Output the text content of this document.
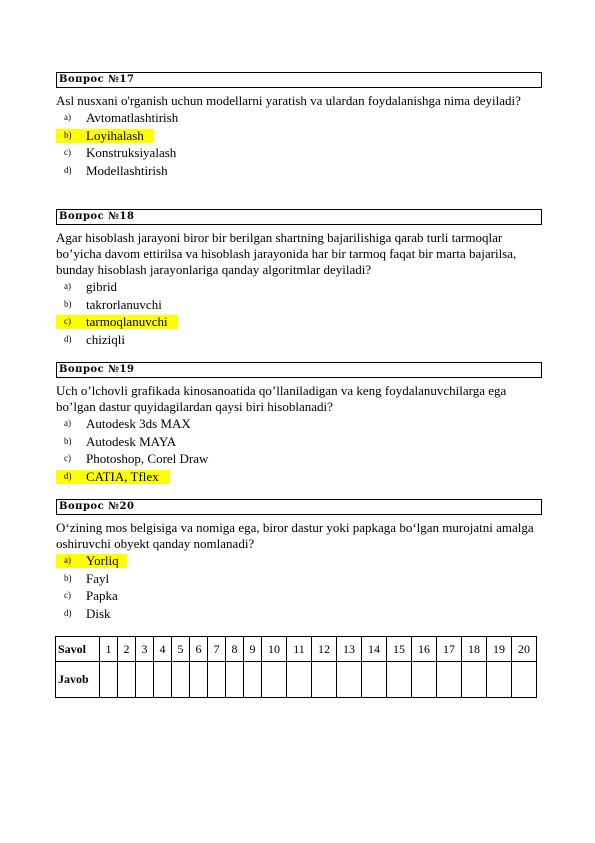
Вопрос №17
Asl nusxani o'rganish uchun modellarni yaratish va ulardan foydalanishga nima deyiladi?
a) Avtomatlashtirish
b) Loyihalash
c) Konstruksiyalash
d) Modellashtirish
Вопрос №18
Agar hisoblash jarayoni biror bir berilgan shartning bajarilishiga qarab turli tarmoqlar bo’yicha davom ettirilsa va hisoblash jarayonida har bir tarmoq faqat bir marta bajarilsa, bunday hisoblash jarayonlariga qanday algoritmlar deyiladi?
a) gibrid
b) takrorlanuvchi
c) tarmoqlanuvchi
d) chiziqli
Вопрос №19
Uch o’lchovli grafikada kinosanoatida qo’llaniladigan va keng foydalanuvchilarga ega bo’lgan dastur quyidagilardan qaysi biri hisoblanadi?
a) Autodesk 3ds MAX
b) Autodesk MAYA
c) Photoshop, Corel Draw
d) CATIA, Tflex
Вопрос №20
O‘zining mos belgisiga va nomiga ega, biror dastur yoki papkaga bo‘lgan murojatni amalga oshiruvchi obyekt qanday nomlanadi?
a) Yorliq
b) Fayl
c) Papka
d) Disk
Savol	1	2	3	4	5	6	7	8	9	10	11	12	13	14	15	16	17	18	19	20
Javob																				
